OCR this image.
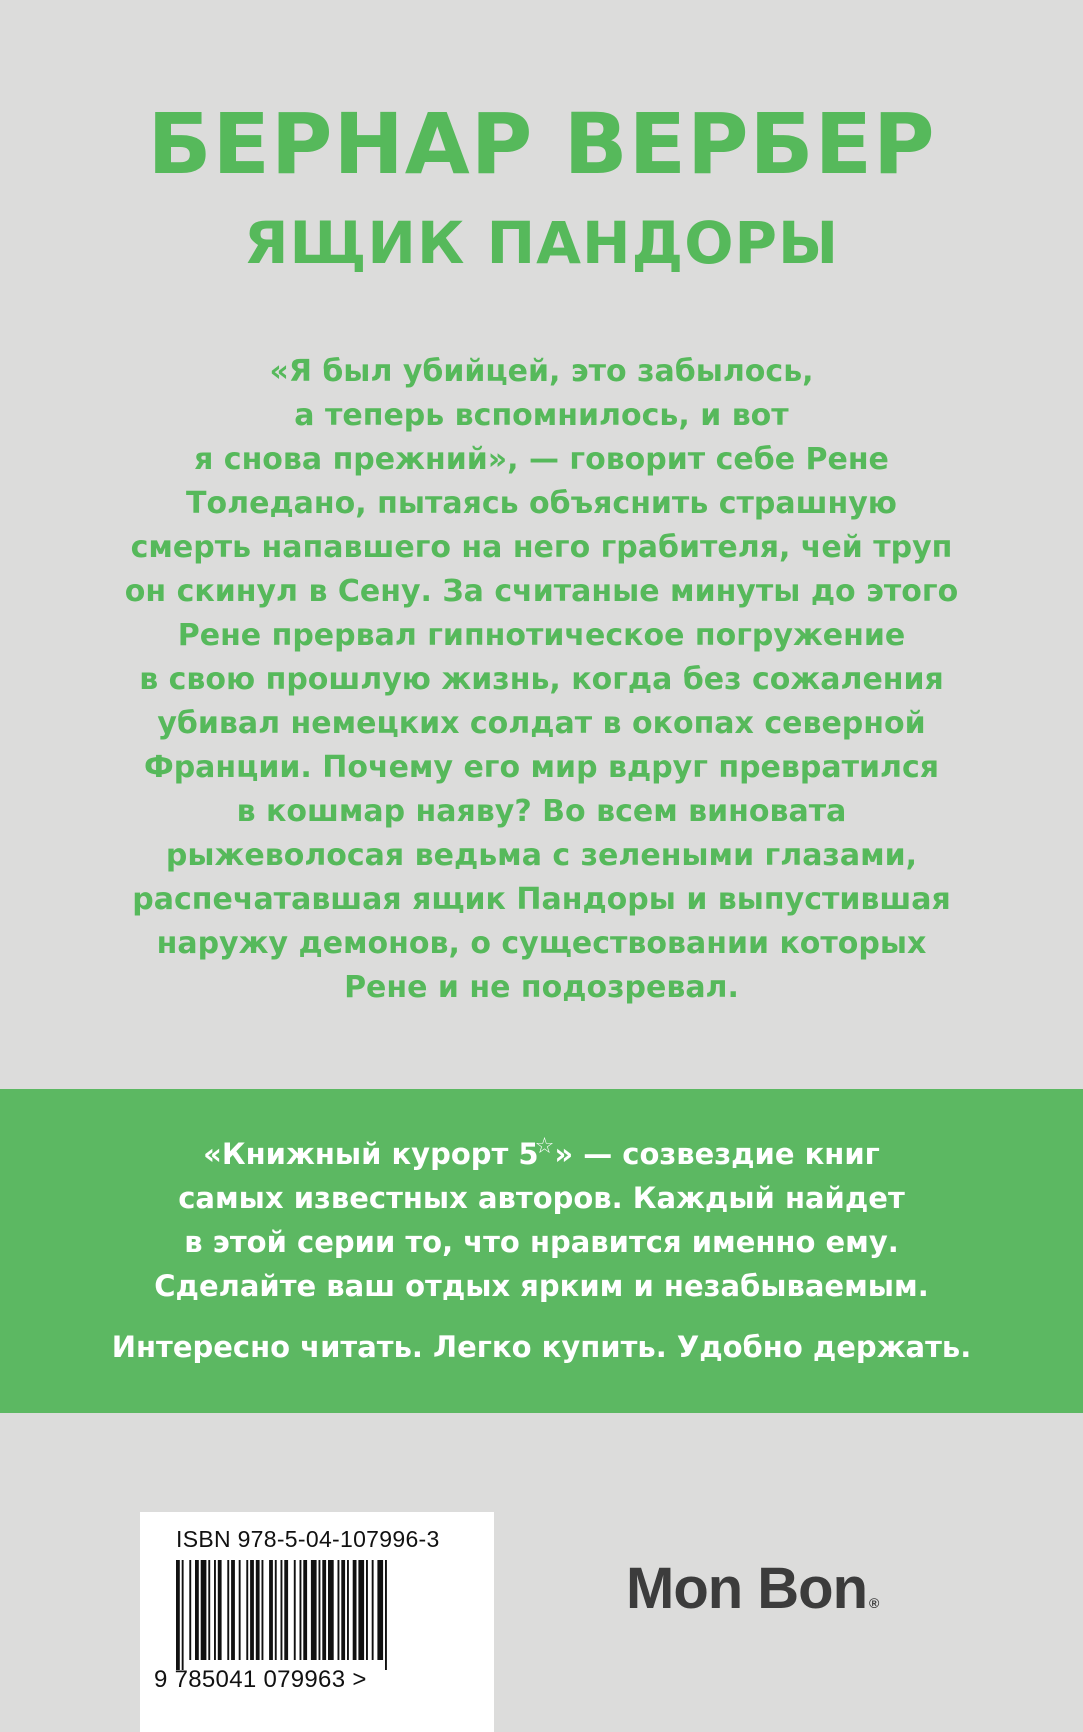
БЕРНАР ВЕРБЕР
ЯЩИК ПАНДОРЫ
«Я был убийцей, это забылось,
а теперь вспомнилось, и вот
я снова прежний», — говорит себе Рене
Толедано, пытаясь объяснить страшную
смерть напавшего на него грабителя, чей труп
он скинул в Сену. За считаные минуты до этого
Рене прервал гипнотическое погружение
в свою прошлую жизнь, когда без сожаления
убивал немецких солдат в окопах северной
Франции. Почему его мир вдруг превратился
в кошмар наяву? Во всем виновата
рыжеволосая ведьма с зелеными глазами,
распечатавшая ящик Пандоры и выпустившая
наружу демонов, о существовании которых
Рене и не подозревал.
«Книжный курорт 5☆» — созвездие книг
самых известных авторов. Каждый найдет
в этой серии то, что нравится именно ему.
Сделайте ваш отдых ярким и незабываемым.
Интересно читать. Легко купить. Удобно держать.
ISBN 978-5-04-107996-3
9 785041 079963 >
Mon Bon ®
